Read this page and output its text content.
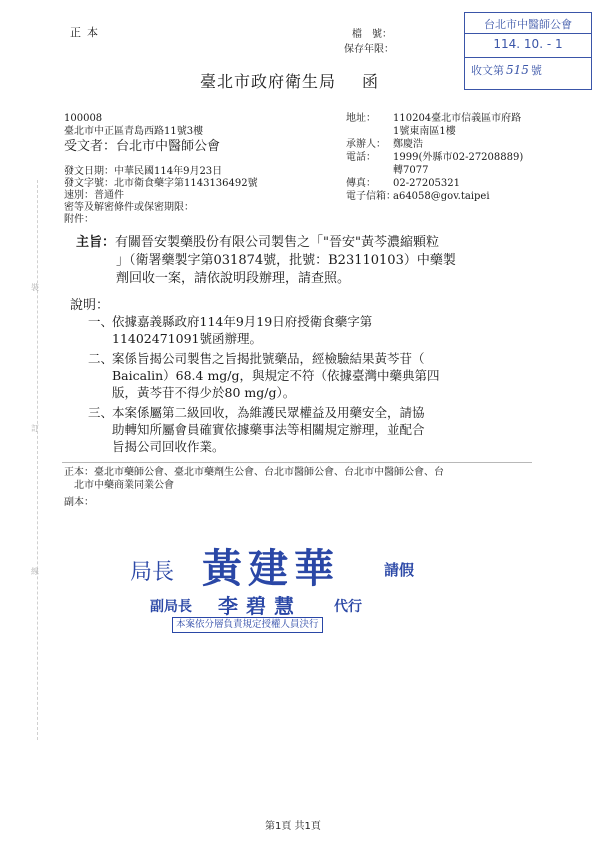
裝
訂
線
正本	檔　號：
保存年限：
台北市中醫師公會
114. 10. - 1
收文第 515 號
臺北市政府衛生局 函
100008
臺北市中正區青島西路11號3樓
受文者：台北市中醫師公會
發文日期：中華民國114年9月23日
發文字號：北市衛食藥字第1143136492號
速別：普通件
密等及解密條件或保密期限：
附件：
地址： 110204臺北市信義區市府路
1號東南區1樓
承辦人： 鄭慶浩
電話： 1999(外縣市02-27208889)
轉7077
傳真： 02-27205321
電子信箱：a64058@gov.taipei
主旨：有關晉安製藥股份有限公司製售之「"晉安"黃芩濃縮顆粒
」（衛署藥製字第031874號，批號：B23110103）中藥製
劑回收一案，請依說明段辦理，請查照。
說明：
一、
依據嘉義縣政府114年9月19日府授衛食藥字第
11402471091號函辦理。
二、
案係旨揭公司製售之旨揭批號藥品，經檢驗結果黃芩苷（
Baicalin）68.4 mg/g，與規定不符（依據臺灣中藥典第四
版，黃芩苷不得少於80 mg/g）。
三、
本案係屬第二級回收，為維護民眾權益及用藥安全，請協
助轉知所屬會員確實依據藥事法等相關規定辦理，並配合
旨揭公司回收作業。
正本：臺北市藥師公會、臺北市藥劑生公會、台北市醫師公會、台北市中醫師公會、台
北市中藥商業同業公會
副本：
局長 黃建華	請假
副局長 李碧慧 代行
本案依分層負責規定授權人員決行
第1頁 共1頁
